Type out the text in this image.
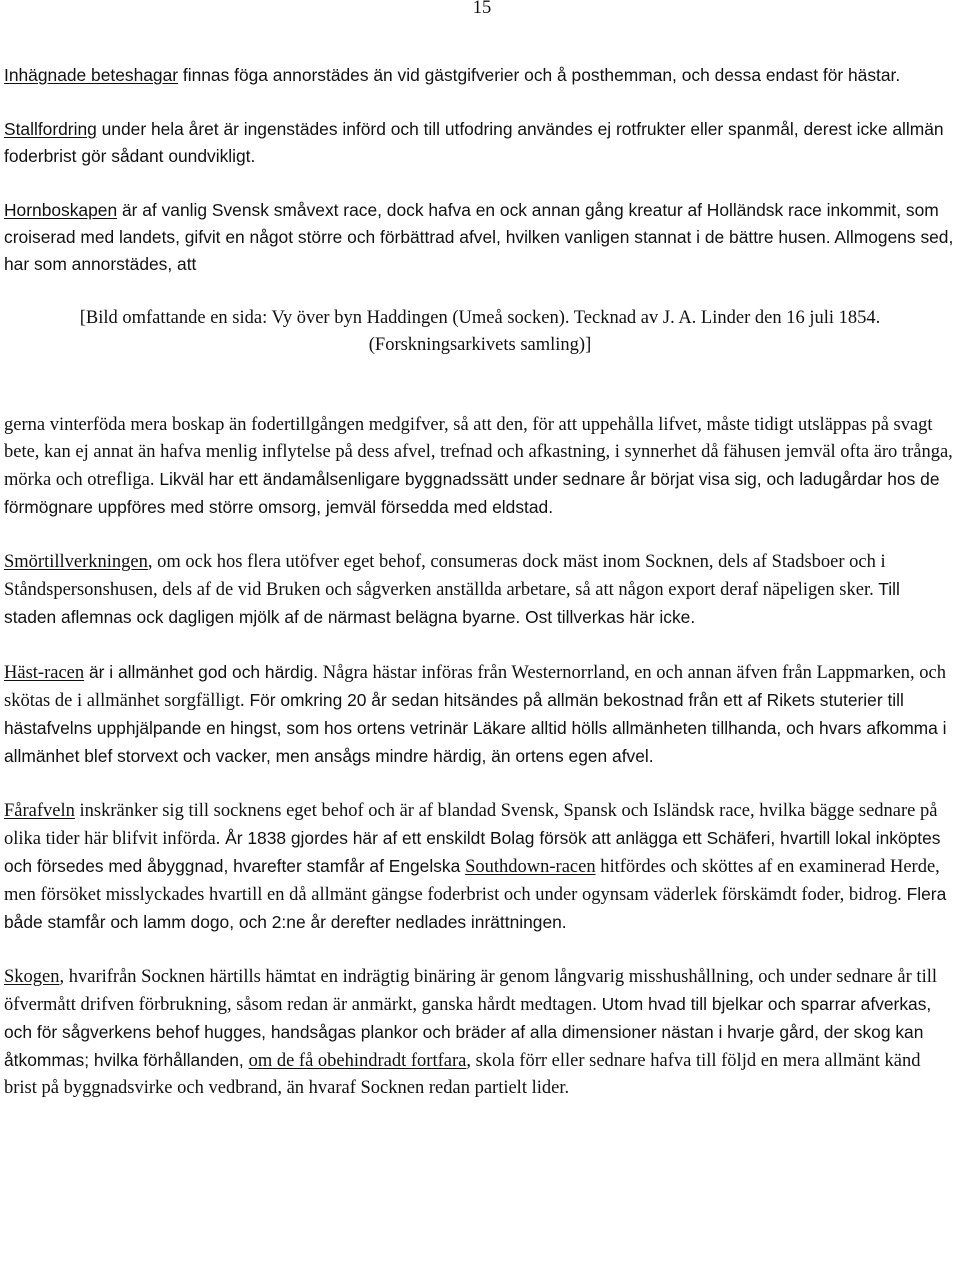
15

Inhägnade beteshagar finnas föga annorstädes än vid gästgifverier och å posthemman, och dessa endast för hästar.

Stallfordring under hela året är ingenstädes införd och till utfodring användes ej rotfrukter eller spanmål, derest icke allmän foderbrist gör sådant oundvikligt.

Hornboskapen är af vanlig Svensk småvext race, dock hafva en ock annan gång kreatur af Holländsk race inkommit, som croiserad med landets, gifvit en något större och förbättrad afvel, hvilken vanligen stannat i de bättre husen. Allmogens sed, har som annorstädes, att

[Bild omfattande en sida: Vy över byn Haddingen (Umeå socken). Tecknad av J. A. Linder den 16 juli 1854. (Forskningsarkivets samling)]

gerna vinterföda mera boskap än fodertillgången medgifver, så att den, för att uppehålla lifvet, måste tidigt utsläppas på svagt bete, kan ej annat än hafva menlig inflytelse på dess afvel, trefnad och afkastning, i synnerhet då fähusen jemväl ofta äro trånga, mörka och otrefliga. Likväl har ett ändamålsenligare byggnadssätt under sednare år börjat visa sig, och ladugårdar hos de förmögnare uppföres med större omsorg, jemväl försedda med eldstad.

Smörtillverkningen, om ock hos flera utöfver eget behof, consumeras dock mäst inom Socknen, dels af Stadsboer och i Ståndspersonshusen, dels af de vid Bruken och sågverken anställda arbetare, så att någon export deraf näpeligen sker. Till staden aflemnas ock dagligen mjölk af de närmast belägna byarne. Ost tillverkas här icke.

Häst-racen är i allmänhet god och härdig. Några hästar införas från Westernorrland, en och annan äfven från Lappmarken, och skötas de i allmänhet sorgfälligt. För omkring 20 år sedan hitsändes på allmän bekostnad från ett af Rikets stuterier till hästafvelns upphjälpande en hingst, som hos ortens vetrinär Läkare alltid hölls allmänheten tillhanda, och hvars afkomma i allmänhet blef storvext och vacker, men ansågs mindre härdig, än ortens egen afvel.

Fårafveln inskränker sig till socknens eget behof och är af blandad Svensk, Spansk och Isländsk race, hvilka bägge sednare på olika tider här blifvit införda. År 1838 gjordes här af ett enskildt Bolag försök att anlägga ett Schäferi, hvartill lokal inköptes och försedes med åbyggnad, hvarefter stamfår af Engelska Southdown-racen hitfördes och sköttes af en examinerad Herde, men försöket misslyckades hvartill en då allmänt gängse foderbrist och under ogynsam väderlek förskämdt foder, bidrog. Flera både stamfår och lamm dogo, och 2:ne år derefter nedlades inrättningen.

Skogen, hvarifrån Socknen härtills hämtat en indrägtig binäring är genom långvarig misshushållning, och under sednare år till öfvermått drifven förbrukning, såsom redan är anmärkt, ganska hårdt medtagen. Utom hvad till bjelkar och sparrar afverkas, och för sågverkens behof hugges, handsågas plankor och bräder af alla dimensioner nästan i hvarje gård, der skog kan åtkommas; hvilka förhållanden, om de få obehindradt fortfara, skola förr eller sednare hafva till följd en mera allmänt känd brist på byggnadsvirke och vedbrand, än hvaraf Socknen redan partielt lider.
